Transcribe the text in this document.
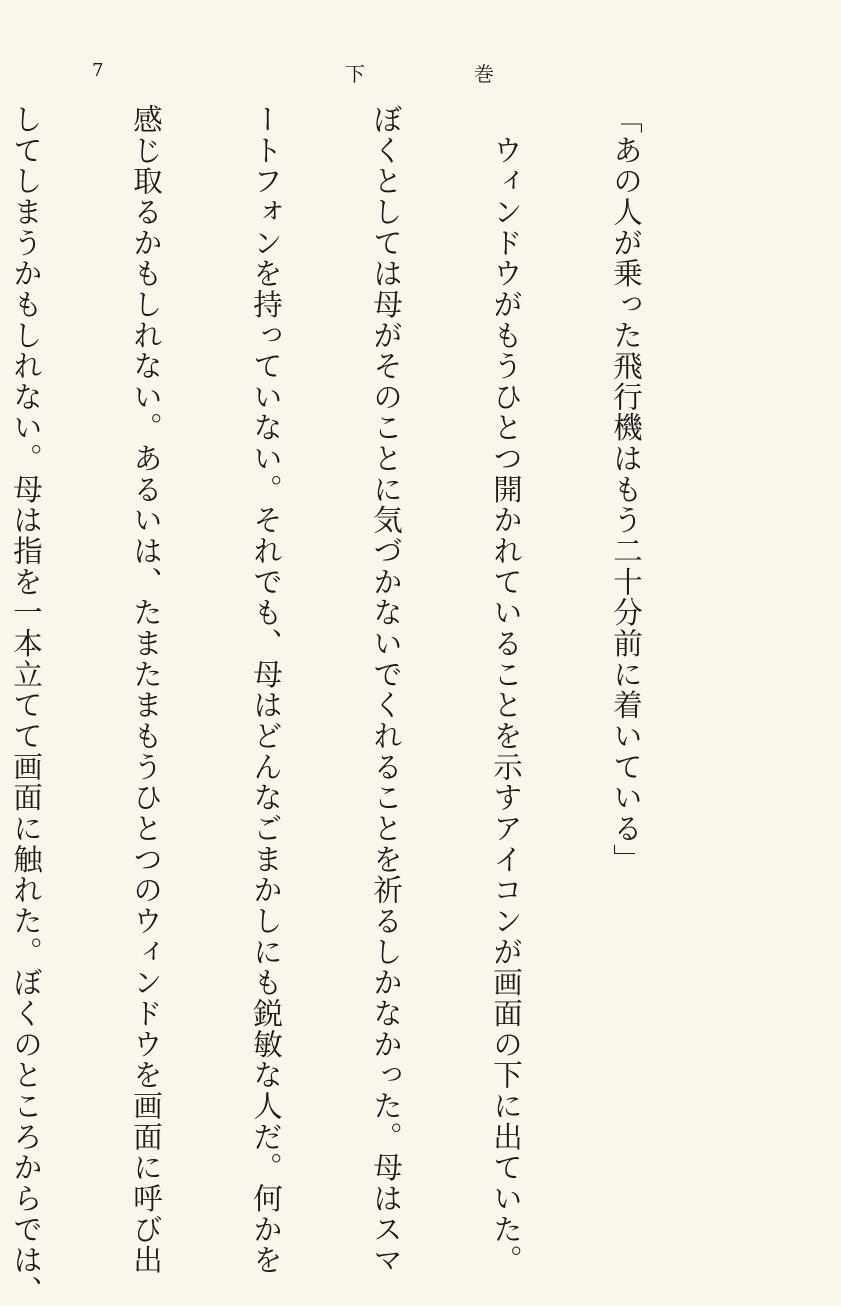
7	下	巻

「あの人が乗った飛行機はもう二十分前に着いている」

　ウィンドウがもうひとつ開かれていることを示すアイコンが画面の下に出ていた。

ぼくとしては母がそのことに気づかないでくれることを祈るしかなかった。母はスマ

ートフォンを持っていない。それでも、母はどんなごまかしにも鋭敏な人だ。何かを

感じ取るかもしれない。あるいは、たまたまもうひとつのウィンドウを画面に呼び出

してしまうかもしれない。母は指を一本立てて画面に触れた。ぼくのところからでは、
